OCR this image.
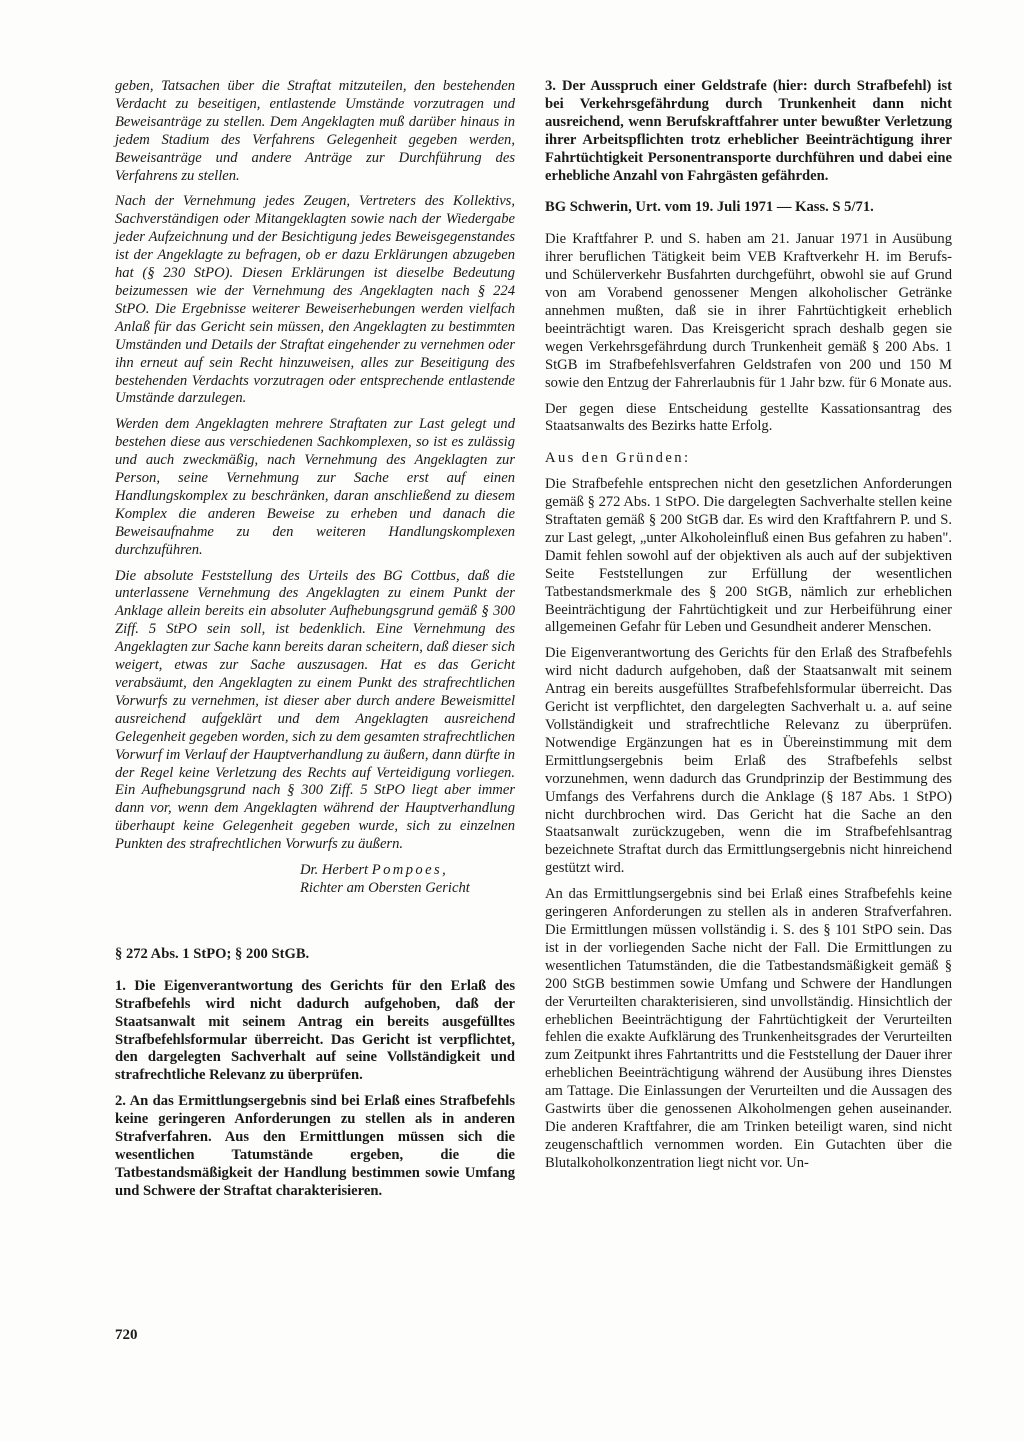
geben, Tatsachen über die Straftat mitzuteilen, den bestehenden Verdacht zu beseitigen, entlastende Umstände vorzutragen und Beweisanträge zu stellen. Dem Angeklagten muß darüber hinaus in jedem Stadium des Verfahrens Gelegenheit gegeben werden, Beweisanträge und andere Anträge zur Durchführung des Verfahrens zu stellen.

Nach der Vernehmung jedes Zeugen, Vertreters des Kollektivs, Sachverständigen oder Mitangeklagten sowie nach der Wiedergabe jeder Aufzeichnung und der Besichtigung jedes Beweisgegenstandes ist der Angeklagte zu befragen, ob er dazu Erklärungen abzugeben hat (§ 230 StPO). Diesen Erklärungen ist dieselbe Bedeutung beizumessen wie der Vernehmung des Angeklagten nach § 224 StPO. Die Ergebnisse weiterer Beweiserhebungen werden vielfach Anlaß für das Gericht sein müssen, den Angeklagten zu bestimmten Umständen und Details der Straftat eingehender zu vernehmen oder ihn erneut auf sein Recht hinzuweisen, alles zur Beseitigung des bestehenden Verdachts vorzutragen oder entsprechende entlastende Umstände darzulegen.

Werden dem Angeklagten mehrere Straftaten zur Last gelegt und bestehen diese aus verschiedenen Sachkomplexen, so ist es zulässig und auch zweckmäßig, nach Vernehmung des Angeklagten zur Person, seine Vernehmung zur Sache erst auf einen Handlungskomplex zu beschränken, daran anschließend zu diesem Komplex die anderen Beweise zu erheben und danach die Beweisaufnahme zu den weiteren Handlungskomplexen durchzuführen.

Die absolute Feststellung des Urteils des BG Cottbus, daß die unterlassene Vernehmung des Angeklagten zu einem Punkt der Anklage allein bereits ein absoluter Aufhebungsgrund gemäß § 300 Ziff. 5 StPO sein soll, ist bedenklich. Eine Vernehmung des Angeklagten zur Sache kann bereits daran scheitern, daß dieser sich weigert, etwas zur Sache auszusagen. Hat es das Gericht verabsäumt, den Angeklagten zu einem Punkt des strafrechtlichen Vorwurfs zu vernehmen, ist dieser aber durch andere Beweismittel ausreichend aufgeklärt und dem Angeklagten ausreichend Gelegenheit gegeben worden, sich zu dem gesamten strafrechtlichen Vorwurf im Verlauf der Hauptverhandlung zu äußern, dann dürfte in der Regel keine Verletzung des Rechts auf Verteidigung vorliegen. Ein Aufhebungsgrund nach § 300 Ziff. 5 StPO liegt aber immer dann vor, wenn dem Angeklagten während der Hauptverhandlung überhaupt keine Gelegenheit gegeben wurde, sich zu einzelnen Punkten des strafrechtlichen Vorwurfs zu äußern.

Dr. Herbert Pompoes,
Richter am Obersten Gericht

§ 272 Abs. 1 StPO; § 200 StGB.

1. Die Eigenverantwortung des Gerichts für den Erlaß des Strafbefehls wird nicht dadurch aufgehoben, daß der Staatsanwalt mit seinem Antrag ein bereits ausgefülltes Strafbefehlsformular überreicht. Das Gericht ist verpflichtet, den dargelegten Sachverhalt auf seine Vollständigkeit und strafrechtliche Relevanz zu überprüfen.

2. An das Ermittlungsergebnis sind bei Erlaß eines Strafbefehls keine geringeren Anforderungen zu stellen als in anderen Strafverfahren. Aus den Ermittlungen müssen sich die wesentlichen Tatumstände ergeben, die die Tatbestandsmäßigkeit der Handlung bestimmen sowie Umfang und Schwere der Straftat charakterisieren.

3. Der Ausspruch einer Geldstrafe (hier: durch Strafbefehl) ist bei Verkehrsgefährdung durch Trunkenheit dann nicht ausreichend, wenn Berufskraftfahrer unter bewußter Verletzung ihrer Arbeitspflichten trotz erheblicher Beeinträchtigung ihrer Fahrtüchtigkeit Personentransporte durchführen und dabei eine erhebliche Anzahl von Fahrgästen gefährden.

BG Schwerin, Urt. vom 19. Juli 1971 — Kass. S 5/71.

Die Kraftfahrer P. und S. haben am 21. Januar 1971 in Ausübung ihrer beruflichen Tätigkeit beim VEB Kraftverkehr H. im Berufs- und Schülerverkehr Busfahrten durchgeführt, obwohl sie auf Grund von am Vorabend genossener Mengen alkoholischer Getränke annehmen mußten, daß sie in ihrer Fahrtüchtigkeit erheblich beeinträchtigt waren. Das Kreisgericht sprach deshalb gegen sie wegen Verkehrsgefährdung durch Trunkenheit gemäß § 200 Abs. 1 StGB im Strafbefehlsverfahren Geldstrafen von 200 und 150 M sowie den Entzug der Fahrerlaubnis für 1 Jahr bzw. für 6 Monate aus.

Der gegen diese Entscheidung gestellte Kassationsantrag des Staatsanwalts des Bezirks hatte Erfolg.

Aus den Gründen:

Die Strafbefehle entsprechen nicht den gesetzlichen Anforderungen gemäß § 272 Abs. 1 StPO. Die dargelegten Sachverhalte stellen keine Straftaten gemäß § 200 StGB dar. Es wird den Kraftfahrern P. und S. zur Last gelegt, „unter Alkoholeinfluß einen Bus gefahren zu haben". Damit fehlen sowohl auf der objektiven als auch auf der subjektiven Seite Feststellungen zur Erfüllung der wesentlichen Tatbestandsmerkmale des § 200 StGB, nämlich zur erheblichen Beeinträchtigung der Fahrtüchtigkeit und zur Herbeiführung einer allgemeinen Gefahr für Leben und Gesundheit anderer Menschen.

Die Eigenverantwortung des Gerichts für den Erlaß des Strafbefehls wird nicht dadurch aufgehoben, daß der Staatsanwalt mit seinem Antrag ein bereits ausgefülltes Strafbefehlsformular überreicht. Das Gericht ist verpflichtet, den dargelegten Sachverhalt u. a. auf seine Vollständigkeit und strafrechtliche Relevanz zu überprüfen. Notwendige Ergänzungen hat es in Übereinstimmung mit dem Ermittlungsergebnis beim Erlaß des Strafbefehls selbst vorzunehmen, wenn dadurch das Grundprinzip der Bestimmung des Umfangs des Verfahrens durch die Anklage (§ 187 Abs. 1 StPO) nicht durchbrochen wird. Das Gericht hat die Sache an den Staatsanwalt zurückzugeben, wenn die im Strafbefehlsantrag bezeichnete Straftat durch das Ermittlungsergebnis nicht hinreichend gestützt wird.

An das Ermittlungsergebnis sind bei Erlaß eines Strafbefehls keine geringeren Anforderungen zu stellen als in anderen Strafverfahren. Die Ermittlungen müssen vollständig i. S. des § 101 StPO sein. Das ist in der vorliegenden Sache nicht der Fall. Die Ermittlungen zu wesentlichen Tatumständen, die die Tatbestandsmäßigkeit gemäß § 200 StGB bestimmen sowie Umfang und Schwere der Handlungen der Verurteilten charakterisieren, sind unvollständig. Hinsichtlich der erheblichen Beeinträchtigung der Fahrtüchtigkeit der Verurteilten fehlen die exakte Aufklärung des Trunkenheitsgrades der Verurteilten zum Zeitpunkt ihres Fahrtantritts und die Feststellung der Dauer ihrer erheblichen Beeinträchtigung während der Ausübung ihres Dienstes am Tattage. Die Einlassungen der Verurteilten und die Aussagen des Gastwirts über die genossenen Alkoholmengen gehen auseinander. Die anderen Kraftfahrer, die am Trinken beteiligt waren, sind nicht zeugenschaftlich vernommen worden. Ein Gutachten über die Blutalkoholkonzentration liegt nicht vor. Un-

720
